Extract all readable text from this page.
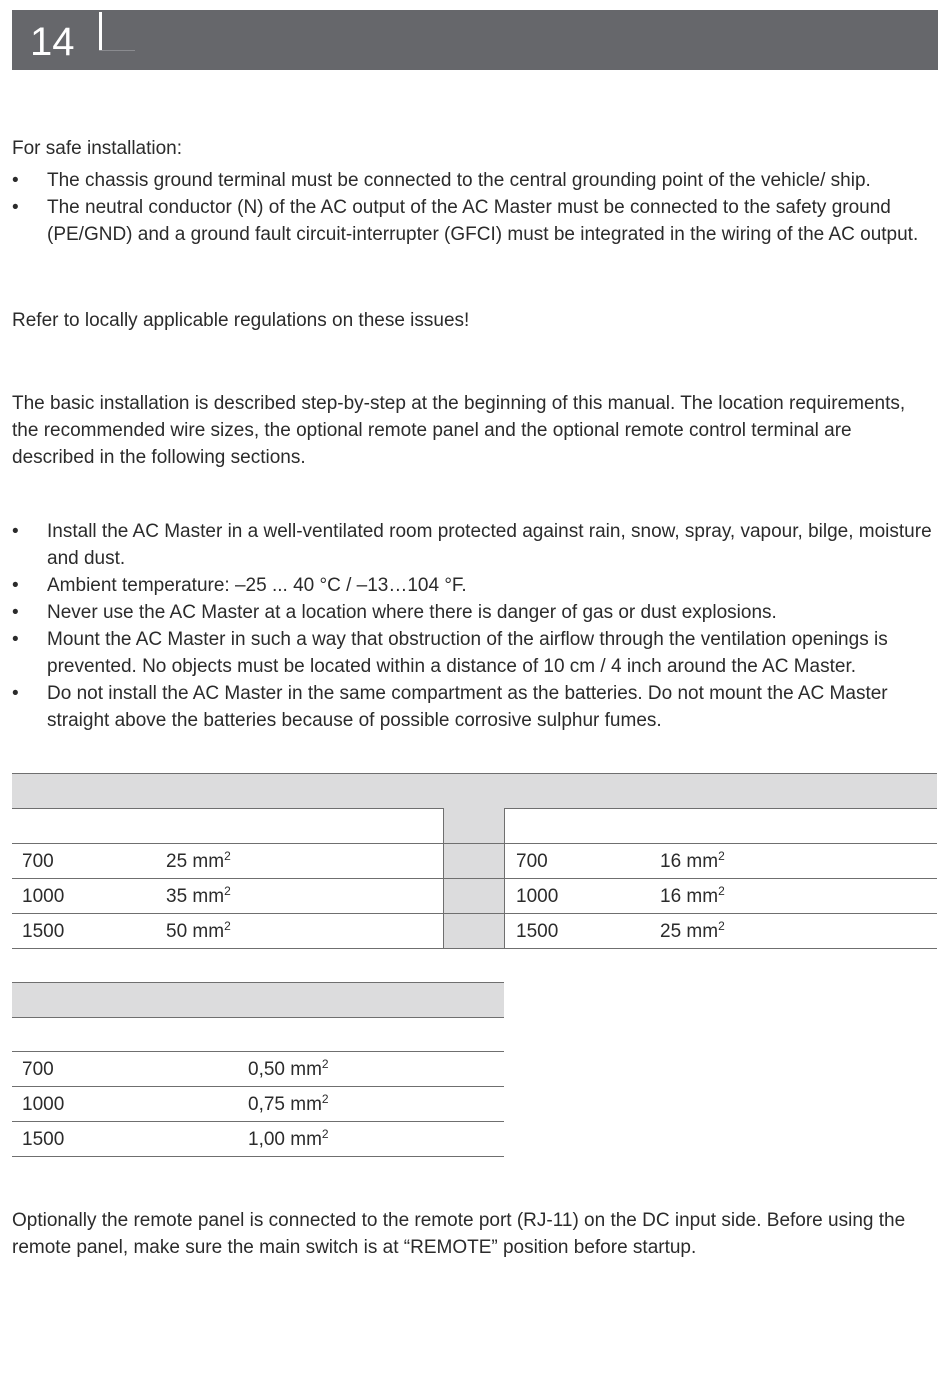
14

For safe installation:

• The chassis ground terminal must be connected to the central grounding point of the vehicle/ ship.
• The neutral conductor (N) of the AC output of the AC Master must be connected to the safety ground (PE/GND) and a ground fault circuit-interrupter (GFCI) must be integrated in the wiring of the AC output.

Refer to locally applicable regulations on these issues!

The basic installation is described step-by-step at the beginning of this manual. The location requirements, the recommended wire sizes, the optional remote panel and the optional remote control terminal are described in the following sections.

• Install the AC Master in a well-ventilated room protected against rain, snow, spray, vapour, bilge, moisture and dust.
• Ambient temperature: –25 ... 40 °C / –13…104 °F.
• Never use the AC Master at a location where there is danger of gas or dust explosions.
• Mount the AC Master in such a way that obstruction of the airflow through the ventilation openings is prevented. No objects must be located within a distance of 10 cm / 4 inch around the AC Master.
• Do not install the AC Master in the same compartment as the batteries. Do not mount the AC Master straight above the batteries because of possible corrosive sulphur fumes.
700	25 $mm^2$
1000	35 $mm^2$
1500	50 $mm^2$
700	16 $mm^2$
1000	16 $mm^2$
1500	25 $mm^2$
700	0,50 $mm^2$
1000	0,75 $mm^2$
1500	1,00 $mm^2$

Optionally the remote panel is connected to the remote port (RJ-11) on the DC input side. Before using the remote panel, make sure the main switch is at “REMOTE” position before startup.
